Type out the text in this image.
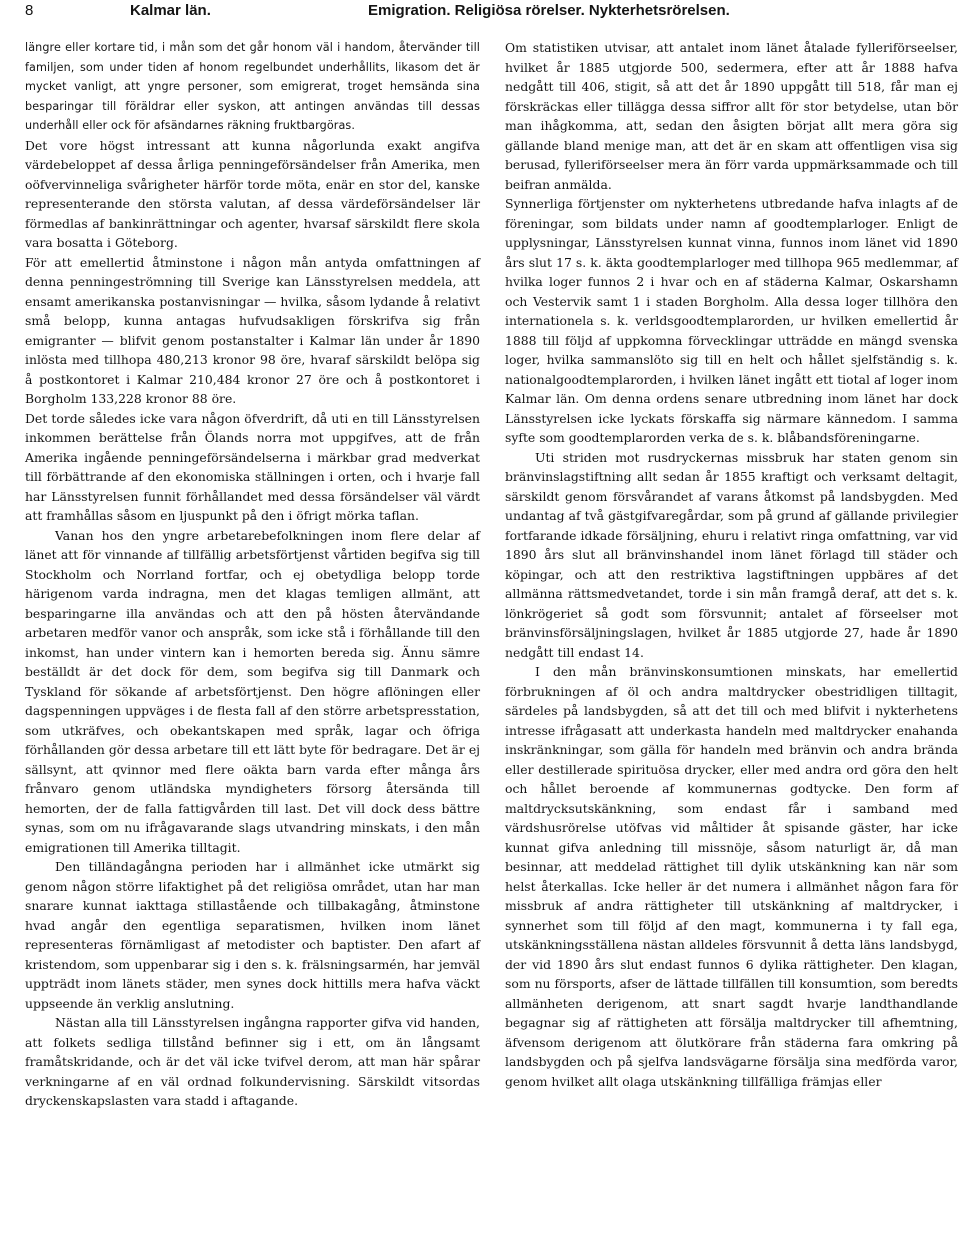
8	Kalmar län.	Emigration. Religiösa rörelser. Nykterhetsrörelsen.

längre eller kortare tid, i mån som det går honom väl i handom, återvänder till familjen, som under tiden af honom regelbundet underhållits, likasom det är mycket vanligt, att yngre personer, som emigrerat, troget hemsända sina besparingar till föräldrar eller syskon, att antingen användas till dessas underhåll eller ock för afsändarnes räkning fruktbargöras.

Det vore högst intressant att kunna någorlunda exakt angifva värdebeloppet af dessa årliga penningeförsändelser från Amerika, men oöfvervinneliga svårigheter härför torde möta, enär en stor del, kanske representerande den största valutan, af dessa värdeförsändelser lär förmedlas af bankinrättningar och agenter, hvarsaf särskildt flere skola vara bosatta i Göteborg.

För att emellertid åtminstone i någon mån antyda omfattningen af denna penningeströmning till Sverige kan Länsstyrelsen meddela, att ensamt amerikanska postanvisningar — hvilka, såsom lydande å relativt små belopp, kunna antagas hufvudsakligen förskrifva sig från emigranter — blifvit genom postanstalter i Kalmar län under år 1890 inlösta med tillhopa 480,213 kronor 98 öre, hvaraf särskildt belöpa sig å postkontoret i Kalmar 210,484 kronor 27 öre och å postkontoret i Borgholm 133,228 kronor 88 öre.

Det torde således icke vara någon öfverdrift, då uti en till Länsstyrelsen inkommen berättelse från Ölands norra mot uppgifves, att de från Amerika ingående penningeförsändelserna i märkbar grad medverkat till förbättrande af den ekonomiska ställningen i orten, och i hvarje fall har Länsstyrelsen funnit förhållandet med dessa försändelser väl värdt att framhållas såsom en ljuspunkt på den i öfrigt mörka taflan.

Vanan hos den yngre arbetarebefolkningen inom flere delar af länet att för vinnande af tillfällig arbetsförtjenst vårtiden begifva sig till Stockholm och Norrland fortfar, och ej obetydliga belopp torde härigenom varda indragna, men det klagas temligen allmänt, att besparingarne illa användas och att den på hösten återvändande arbetaren medför vanor och anspråk, som icke stå i förhållande till den inkomst, han under vintern kan i hemorten bereda sig. Ännu sämre beställdt är det dock för dem, som begifva sig till Danmark och Tyskland för sökande af arbetsförtjenst. Den högre aflöningen eller dagspenningen uppväges i de flesta fall af den större arbetspresstation, som utkräfves, och obekantskapen med språk, lagar och öfriga förhållanden gör dessa arbetare till ett lätt byte för bedragare. Det är ej sällsynt, att qvinnor med flere oäkta barn varda efter många års frånvaro genom utländska myndigheters försorg återsända till hemorten, der de falla fattigvården till last. Det vill dock dess bättre synas, som om nu ifrågavarande slags utvandring minskats, i den mån emigrationen till Amerika tilltagit.

Den tilländagångna perioden har i allmänhet icke utmärkt sig genom någon större lifaktighet på det religiösa området, utan har man snarare kunnat iakttaga stillastående och tillbakagång, åtminstone hvad angår den egentliga separatismen, hvilken inom länet representeras förnämligast af metodister och baptister. Den afart af kristendom, som uppenbarar sig i den s. k. frälsningsarmén, har jemväl uppträdt inom länets städer, men synes dock hittills mera hafva väckt uppseende än verklig anslutning.

Nästan alla till Länsstyrelsen ingångna rapporter gifva vid handen, att folkets sedliga tillstånd befinner sig i ett, om än långsamt framåtskridande, och är det väl icke tvifvel derom, att man här spårar verkningarne af en väl ordnad folkundervisning. Särskildt vitsordas dryckenskapslasten vara stadd i aftagande.

Om statistiken utvisar, att antalet inom länet åtalade fylleriförseelser, hvilket år 1885 utgjorde 500, sedermera, efter att år 1888 hafva nedgått till 406, stigit, så att det år 1890 uppgått till 518, får man ej förskräckas eller tillägga dessa siffror allt för stor betydelse, utan bör man ihågkomma, att, sedan den åsigten börjat allt mera göra sig gällande bland menige man, att det är en skam att offentligen visa sig berusad, fylleriförseelser mera än förr varda uppmärksammade och till beifran anmälda.

Synnerliga förtjenster om nykterhetens utbredande hafva inlagts af de föreningar, som bildats under namn af goodtemplarloger. Enligt de upplysningar, Länsstyrelsen kunnat vinna, funnos inom länet vid 1890 års slut 17 s. k. äkta goodtemplarloger med tillhopa 965 medlemmar, af hvilka loger funnos 2 i hvar och en af städerna Kalmar, Oskarshamn och Vestervik samt 1 i staden Borgholm. Alla dessa loger tillhöra den internationela s. k. verldsgoodtemplarorden, ur hvilken emellertid år 1888 till följd af uppkomna förvecklingar utträdde en mängd svenska loger, hvilka sammanslöto sig till en helt och hållet sjelfständig s. k. nationalgoodtemplarorden, i hvilken länet ingått ett tiotal af loger inom Kalmar län. Om denna ordens senare utbredning inom länet har dock Länsstyrelsen icke lyckats förskaffa sig närmare kännedom. I samma syfte som goodtemplarorden verka de s. k. blåbandsföreningarne.

Uti striden mot rusdryckernas missbruk har staten genom sin bränvinslagstiftning allt sedan år 1855 kraftigt och verksamt deltagit, särskildt genom försvårandet af varans åtkomst på landsbygden. Med undantag af två gästgifvaregårdar, som på grund af gällande privilegier fortfarande idkade försäljning, ehuru i relativt ringa omfattning, var vid 1890 års slut all bränvinshandel inom länet förlagd till städer och köpingar, och att den restriktiva lagstiftningen uppbäres af det allmänna rättsmedvetandet, torde i sin mån framgå deraf, att det s. k. lönkrögeriet så godt som försvunnit; antalet af förseelser mot bränvinsförsäljningslagen, hvilket år 1885 utgjorde 27, hade år 1890 nedgått till endast 14.

I den mån bränvinskonsumtionen minskats, har emellertid förbrukningen af öl och andra maltdrycker obestridligen tilltagit, särdeles på landsbygden, så att det till och med blifvit i nykterhetens intresse ifrågasatt att underkasta handeln med maltdrycker enahanda inskränkningar, som gälla för handeln med bränvin och andra brända eller destillerade spirituösa drycker, eller med andra ord göra den helt och hållet beroende af kommunernas godtycke. Den form af maltdrycksutskänkning, som endast får i samband med värdshusrörelse utöfvas vid måltider åt spisande gäster, har icke kunnat gifva anledning till missnöje, såsom naturligt är, då man besinnar, att meddelad rättighet till dylik utskänkning kan när som helst återkallas. Icke heller är det numera i allmänhet någon fara för missbruk af andra rättigheter till utskänkning af maltdrycker, i synnerhet som till följd af den magt, kommunerna i ty fall ega, utskänkningsställena nästan alldeles försvunnit å detta läns landsbygd, der vid 1890 års slut endast funnos 6 dylika rättigheter. Den klagan, som nu försports, afser de lättade tillfällen till konsumtion, som beredts allmänheten derigenom, att snart sagdt hvarje landthandlande begagnar sig af rättigheten att försälja maltdrycker till afhemtning, äfvensom derigenom att ölutkörare från städerna fara omkring på landsbygden och på sjelfva landsvägarne försälja sina medförda varor, genom hvilket allt olaga utskänkning tillfälliga främjas eller
